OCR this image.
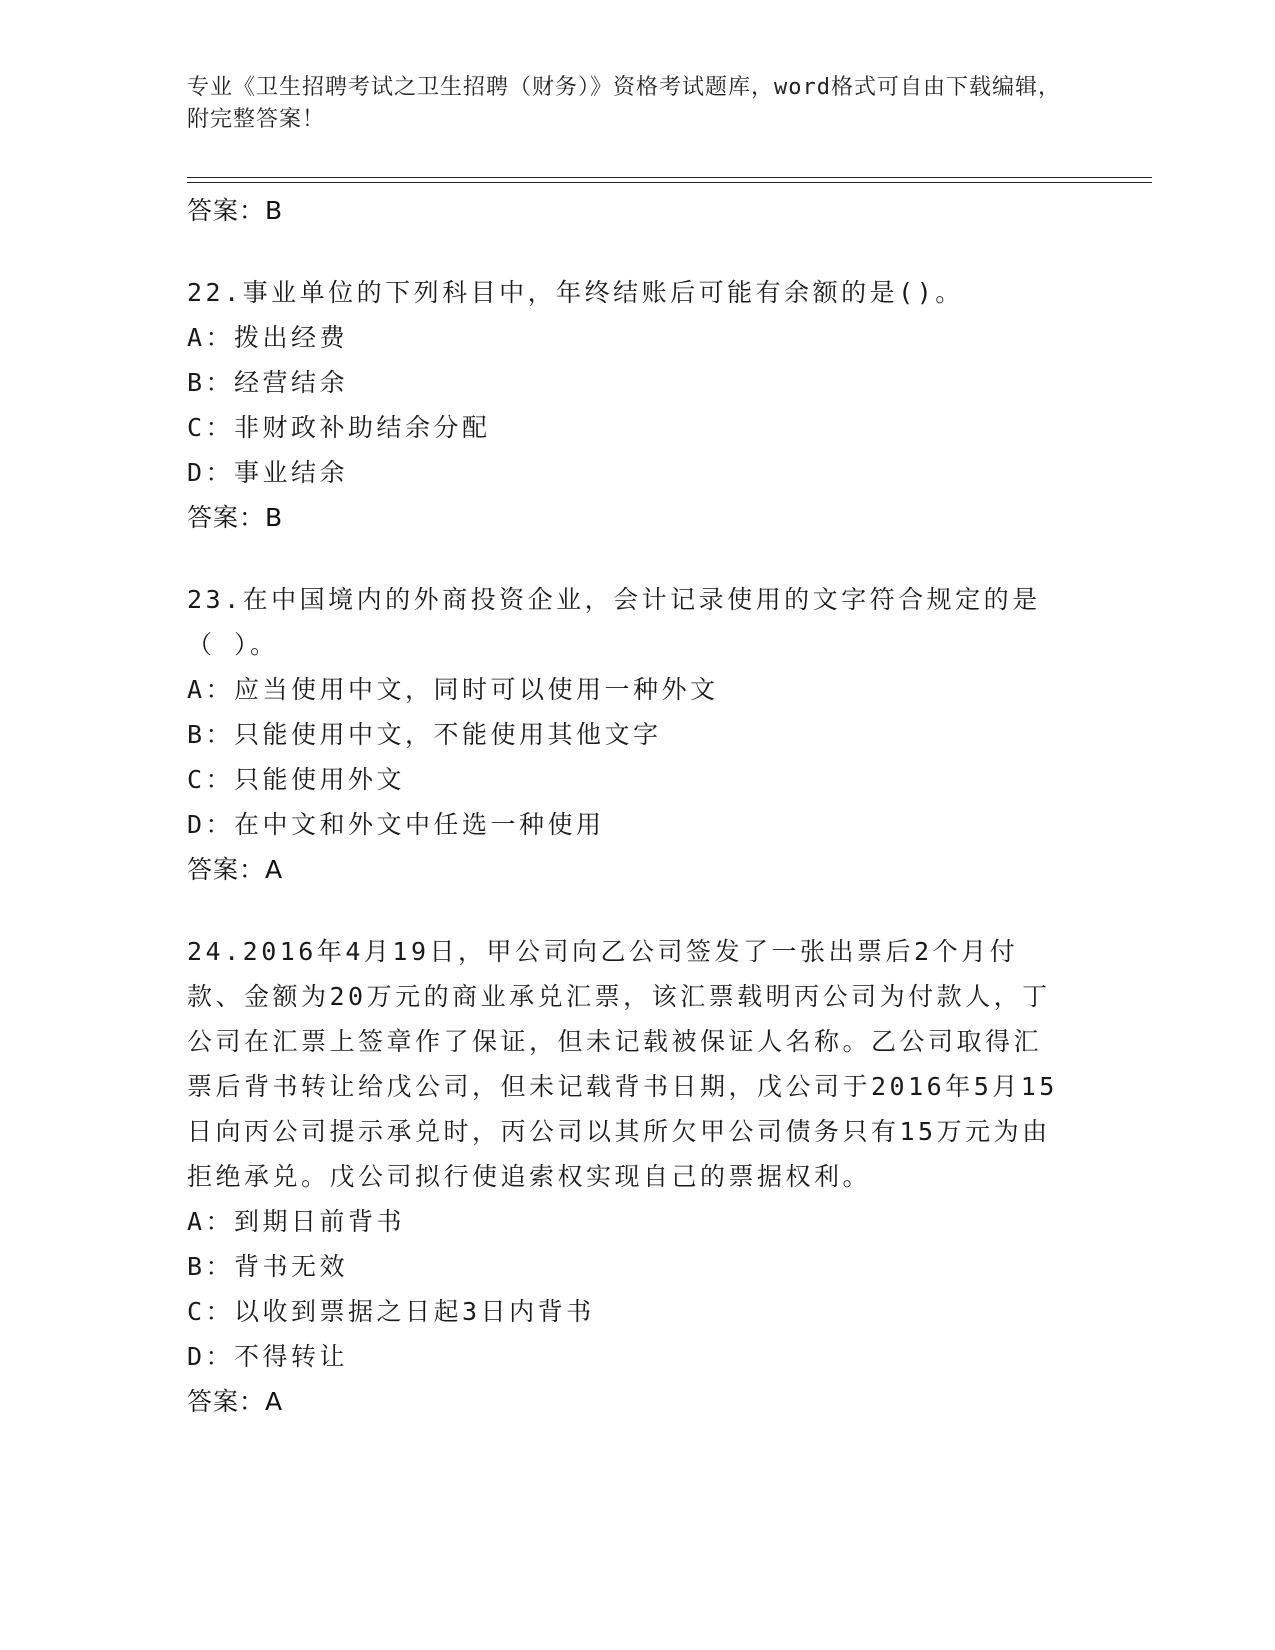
专业《卫生招聘考试之卫生招聘（财务）》资格考试题库，word格式可自由下载编辑，附完整答案！
答案：B
22.事业单位的下列科目中，年终结账后可能有余额的是()。
A：拨出经费
B：经营结余
C：非财政补助结余分配
D：事业结余
答案：B
23.在中国境内的外商投资企业，会计记录使用的文字符合规定的是（ ）。
A：应当使用中文，同时可以使用一种外文
B：只能使用中文，不能使用其他文字
C：只能使用外文
D：在中文和外文中任选一种使用
答案：A
24.2016年4月19日，甲公司向乙公司签发了一张出票后2个月付款、金额为20万元的商业承兑汇票，该汇票载明丙公司为付款人，丁公司在汇票上签章作了保证，但未记载被保证人名称。乙公司取得汇票后背书转让给戊公司，但未记载背书日期，戊公司于2016年5月15日向丙公司提示承兑时，丙公司以其所欠甲公司债务只有15万元为由拒绝承兑。戊公司拟行使追索权实现自己的票据权利。
A：到期日前背书
B：背书无效
C：以收到票据之日起3日内背书
D：不得转让
答案：A
